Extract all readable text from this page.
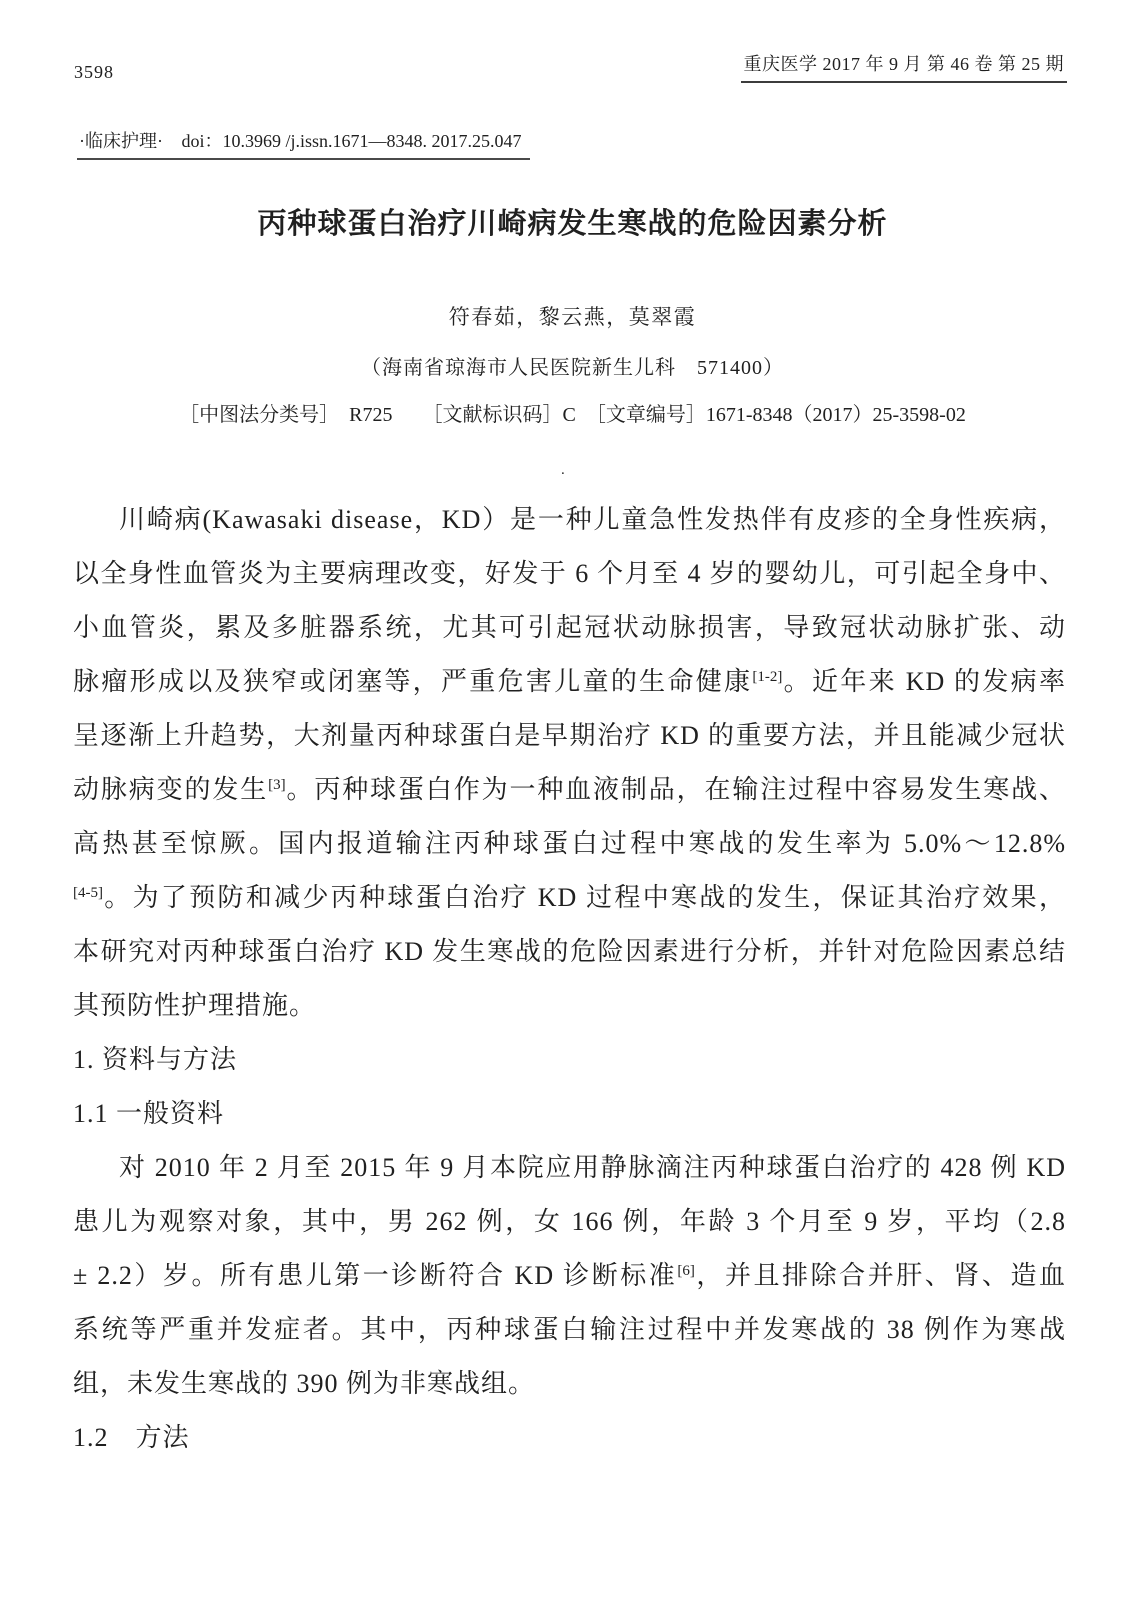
3598	重庆医学 2017 年 9 月 第 46 卷 第 25 期
·临床护理· doi：10.3969 /j.issn.1671—8348. 2017.25.047
丙种球蛋白治疗川崎病发生寒战的危险因素分析
符春茹，黎云燕，莫翠霞
（海南省琼海市人民医院新生儿科　571400）
［中图法分类号］　R725　　［文献标识码］C　［文章编号］1671-8348（2017）25-3598-02
.
川崎病(Kawasaki disease，KD）是一种儿童急性发热伴有皮疹的全身性疾病，
以全身性血管炎为主要病理改变，好发于 6 个月至 4 岁的婴幼儿，可引起全身中、
小血管炎，累及多脏器系统，尤其可引起冠状动脉损害，导致冠状动脉扩张、动
脉瘤形成以及狭窄或闭塞等，严重危害儿童的生命健康[1-2]。近年来 KD 的发病率
呈逐渐上升趋势，大剂量丙种球蛋白是早期治疗 KD 的重要方法，并且能减少冠状
动脉病变的发生[3]。丙种球蛋白作为一种血液制品，在输注过程中容易发生寒战、
高热甚至惊厥。国内报道输注丙种球蛋白过程中寒战的发生率为 5.0%～12.8%
[4-5]。为了预防和减少丙种球蛋白治疗 KD 过程中寒战的发生，保证其治疗效果，
本研究对丙种球蛋白治疗 KD 发生寒战的危险因素进行分析，并针对危险因素总结
其预防性护理措施。
1. 资料与方法
1.1 一般资料
对 2010 年 2 月至 2015 年 9 月本院应用静脉滴注丙种球蛋白治疗的 428 例 KD
患儿为观察对象，其中，男 262 例，女 166 例，年龄 3 个月至 9 岁，平均（2.8
± 2.2）岁。所有患儿第一诊断符合 KD 诊断标准[6]，并且排除合并肝、肾、造血
系统等严重并发症者。其中，丙种球蛋白输注过程中并发寒战的 38 例作为寒战
组，未发生寒战的 390 例为非寒战组。
1.2　方法
